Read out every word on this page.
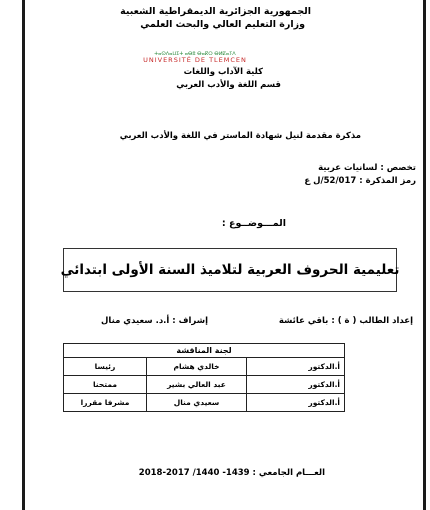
الجمهورية الجزائرية الديمقراطية الشعبية
وزارة التعليم العالي والبحث العلمي
ⵜⴰⵙⴷⴰⵡⵉⵜ ⴰⴱⵓ ⴱⴰⴽⵔ ⴱⵍⵇⴰⵢⴷ
UNIVERSITÉ DE TLEMCEN
كلية الآداب واللغات
قسم اللغة والأدب العربي
مذكرة مقدمة لنيل شهادة الماستر في اللغة والأدب العربي
تخصص : لسانيات عربية
رمز المذكرة : 52/017/ل ع
المـــوضــوع :
تعليمية الحروف العربية لتلاميذ السنة الأولى ابتدائي
إعداد الطالب ( ة ) : باقي عائشة
إشراف : أ.د. سعيدي منال
لجنة المناقشة		
أ.الدكتور	خالدي هشام	رئيسا
أ.الدكتور	عبد العالي بشير	ممتحنا
أ.الدكتور	سعيدي منال	مشرفا مقررا
العـــام الجامعي : 1439- 1440/ 2017-2018
